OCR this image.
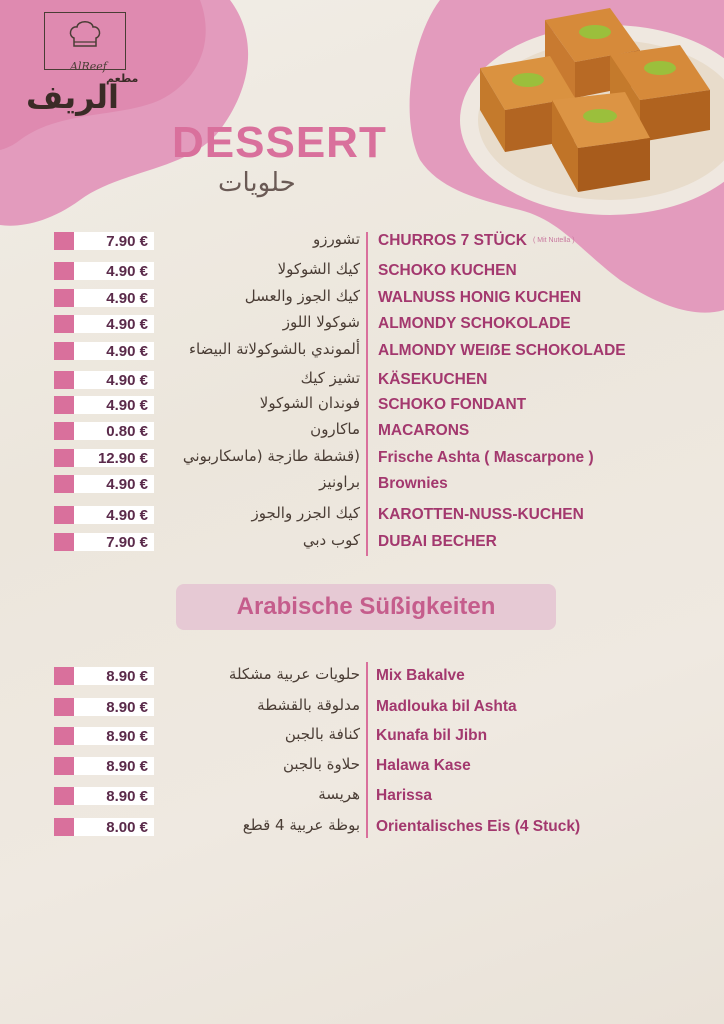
AlReef
مطعم
الريف
DESSERT
حلويات
7.90 €	تشورزو CHURROS 7 STÜCK ( Mit Nutella )
4.90 €	كيك الشوكولا SCHOKO KUCHEN
4.90 €	كيك الجوز والعسل WALNUSS HONIG KUCHEN
4.90 €	شوكولا اللوز ALMONDY SCHOKOLADE
4.90 €	ألموندي بالشوكولاتة البيضاء ALMONDY WEIẞE SCHOKOLADE
4.90 €	تشيز كيك KÄSEKUCHEN
4.90 €	فوندان الشوكولا SCHOKO FONDANT
0.80 €	ماكارون MACARONS
12.90 €	(قشطة طازجة (ماسكاربوني Frische Ashta ( Mascarpone )
4.90 €	براونيز Brownies
4.90 €	كيك الجزر والجوز KAROTTEN-NUSS-KUCHEN
7.90 €	كوب دبي DUBAI BECHER
Arabische Süßigkeiten
8.90 €	حلويات عربية مشكلة Mix Bakalve
8.90 €	مدلوقة بالقشطة Madlouka bil Ashta
8.90 €	كنافة بالجبن Kunafa bil Jibn
8.90 €	حلاوة بالجبن Halawa Kase
8.90 €	هريسة Harissa
8.00 €	بوظة عربية 4 قطع Orientalisches Eis (4 Stuck)
